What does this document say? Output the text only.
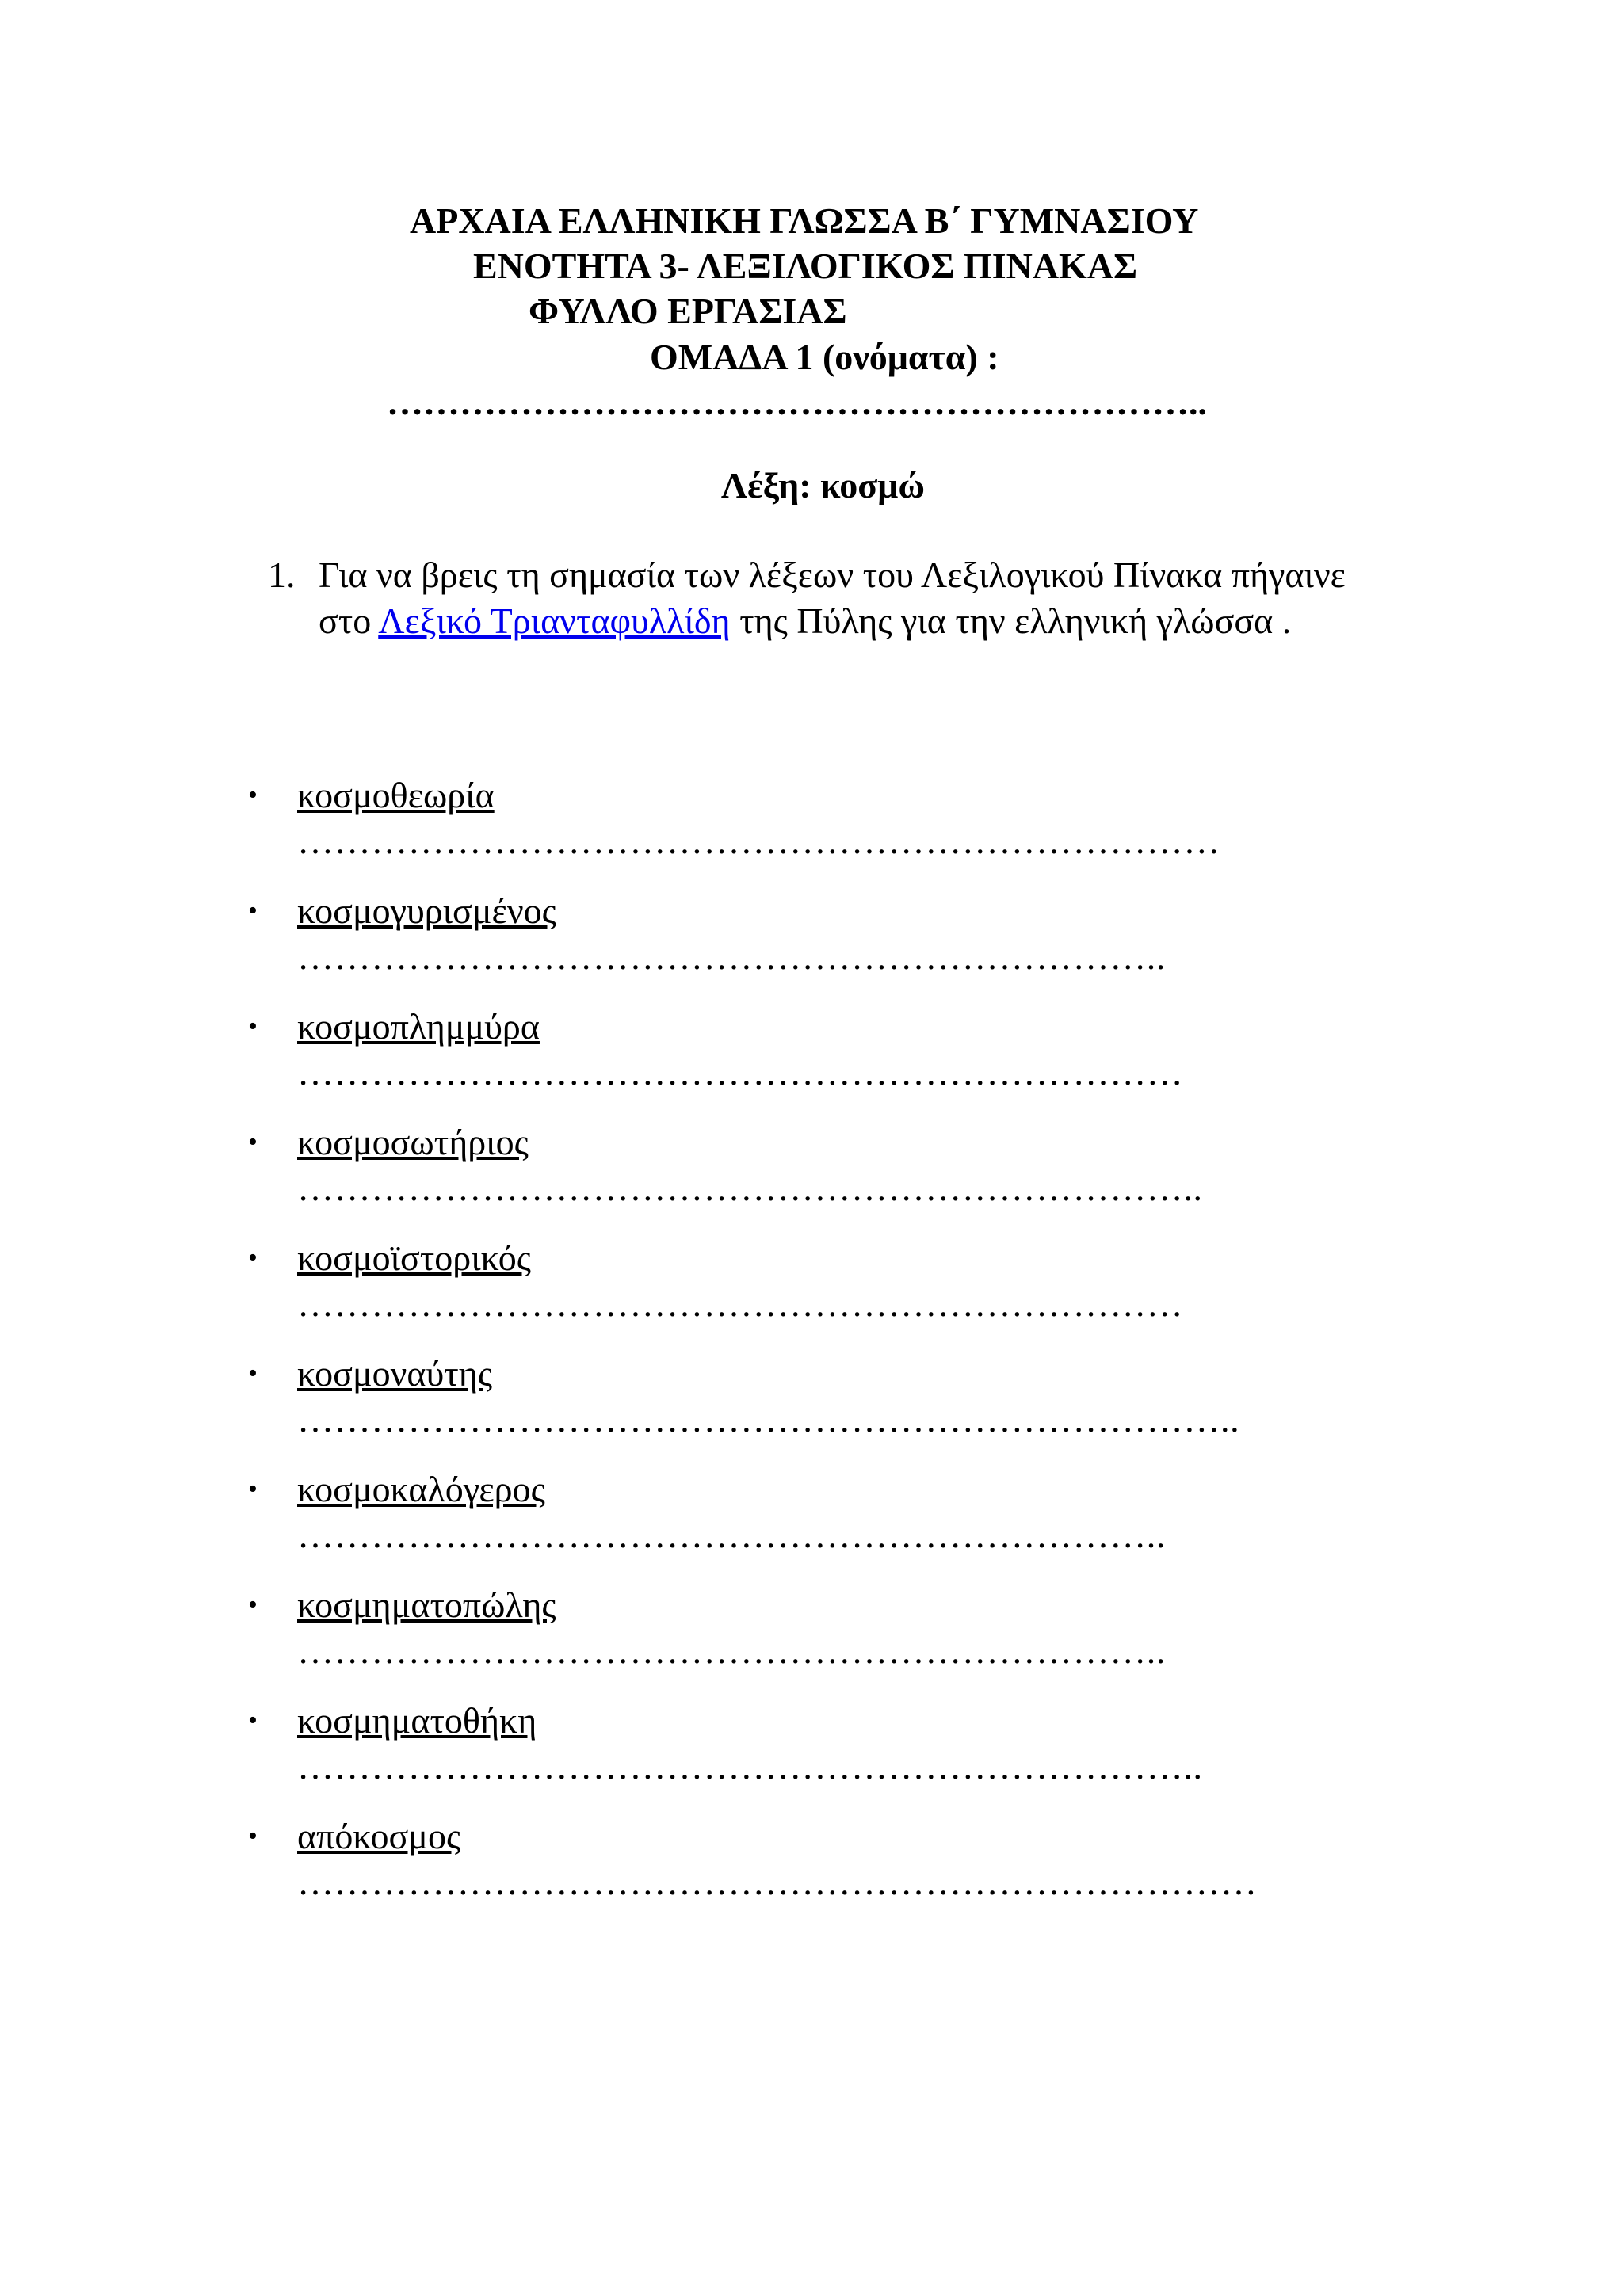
ΑΡΧΑΙΑ ΕΛΛΗΝΙΚΗ ΓΛΩΣΣΑ Β΄ ΓΥΜΝΑΣΙΟΥ
ΕΝΟΤΗΤΑ 3- ΛΕΞΙΛΟΓΙΚΟΣ ΠΙΝΑΚΑΣ
ΦΥΛΛΟ ΕΡΓΑΣΙΑΣ
ΟΜΑΔΑ 1 (ονόματα) :
…………………………………………………………..
Λέξη: κοσμώ
1. Για να βρεις τη σημασία των λέξεων του Λεξιλογικού Πίνακα πήγαινε στο Λεξικό Τριανταφυλλίδη της Πύλης για την ελληνική γλώσσα .
• κοσμοθεωρία
…………………………………………………………………
• κοσμογυρισμένος
……………………………………………………………..
• κοσμοπλημμύρα
………………………………………………………………
• κοσμοσωτήριος
………………………………………………………………..
• κοσμοϊστορικός
………………………………………………………………
• κοσμοναύτης
…………………………………………………………………..
• κοσμοκαλόγερος
……………………………………………………………..
• κοσμηματοπώλης
……………………………………………………………..
• κοσμηματοθήκη
………………………………………………………………..
• απόκοσμος
……………………………………………………………………
